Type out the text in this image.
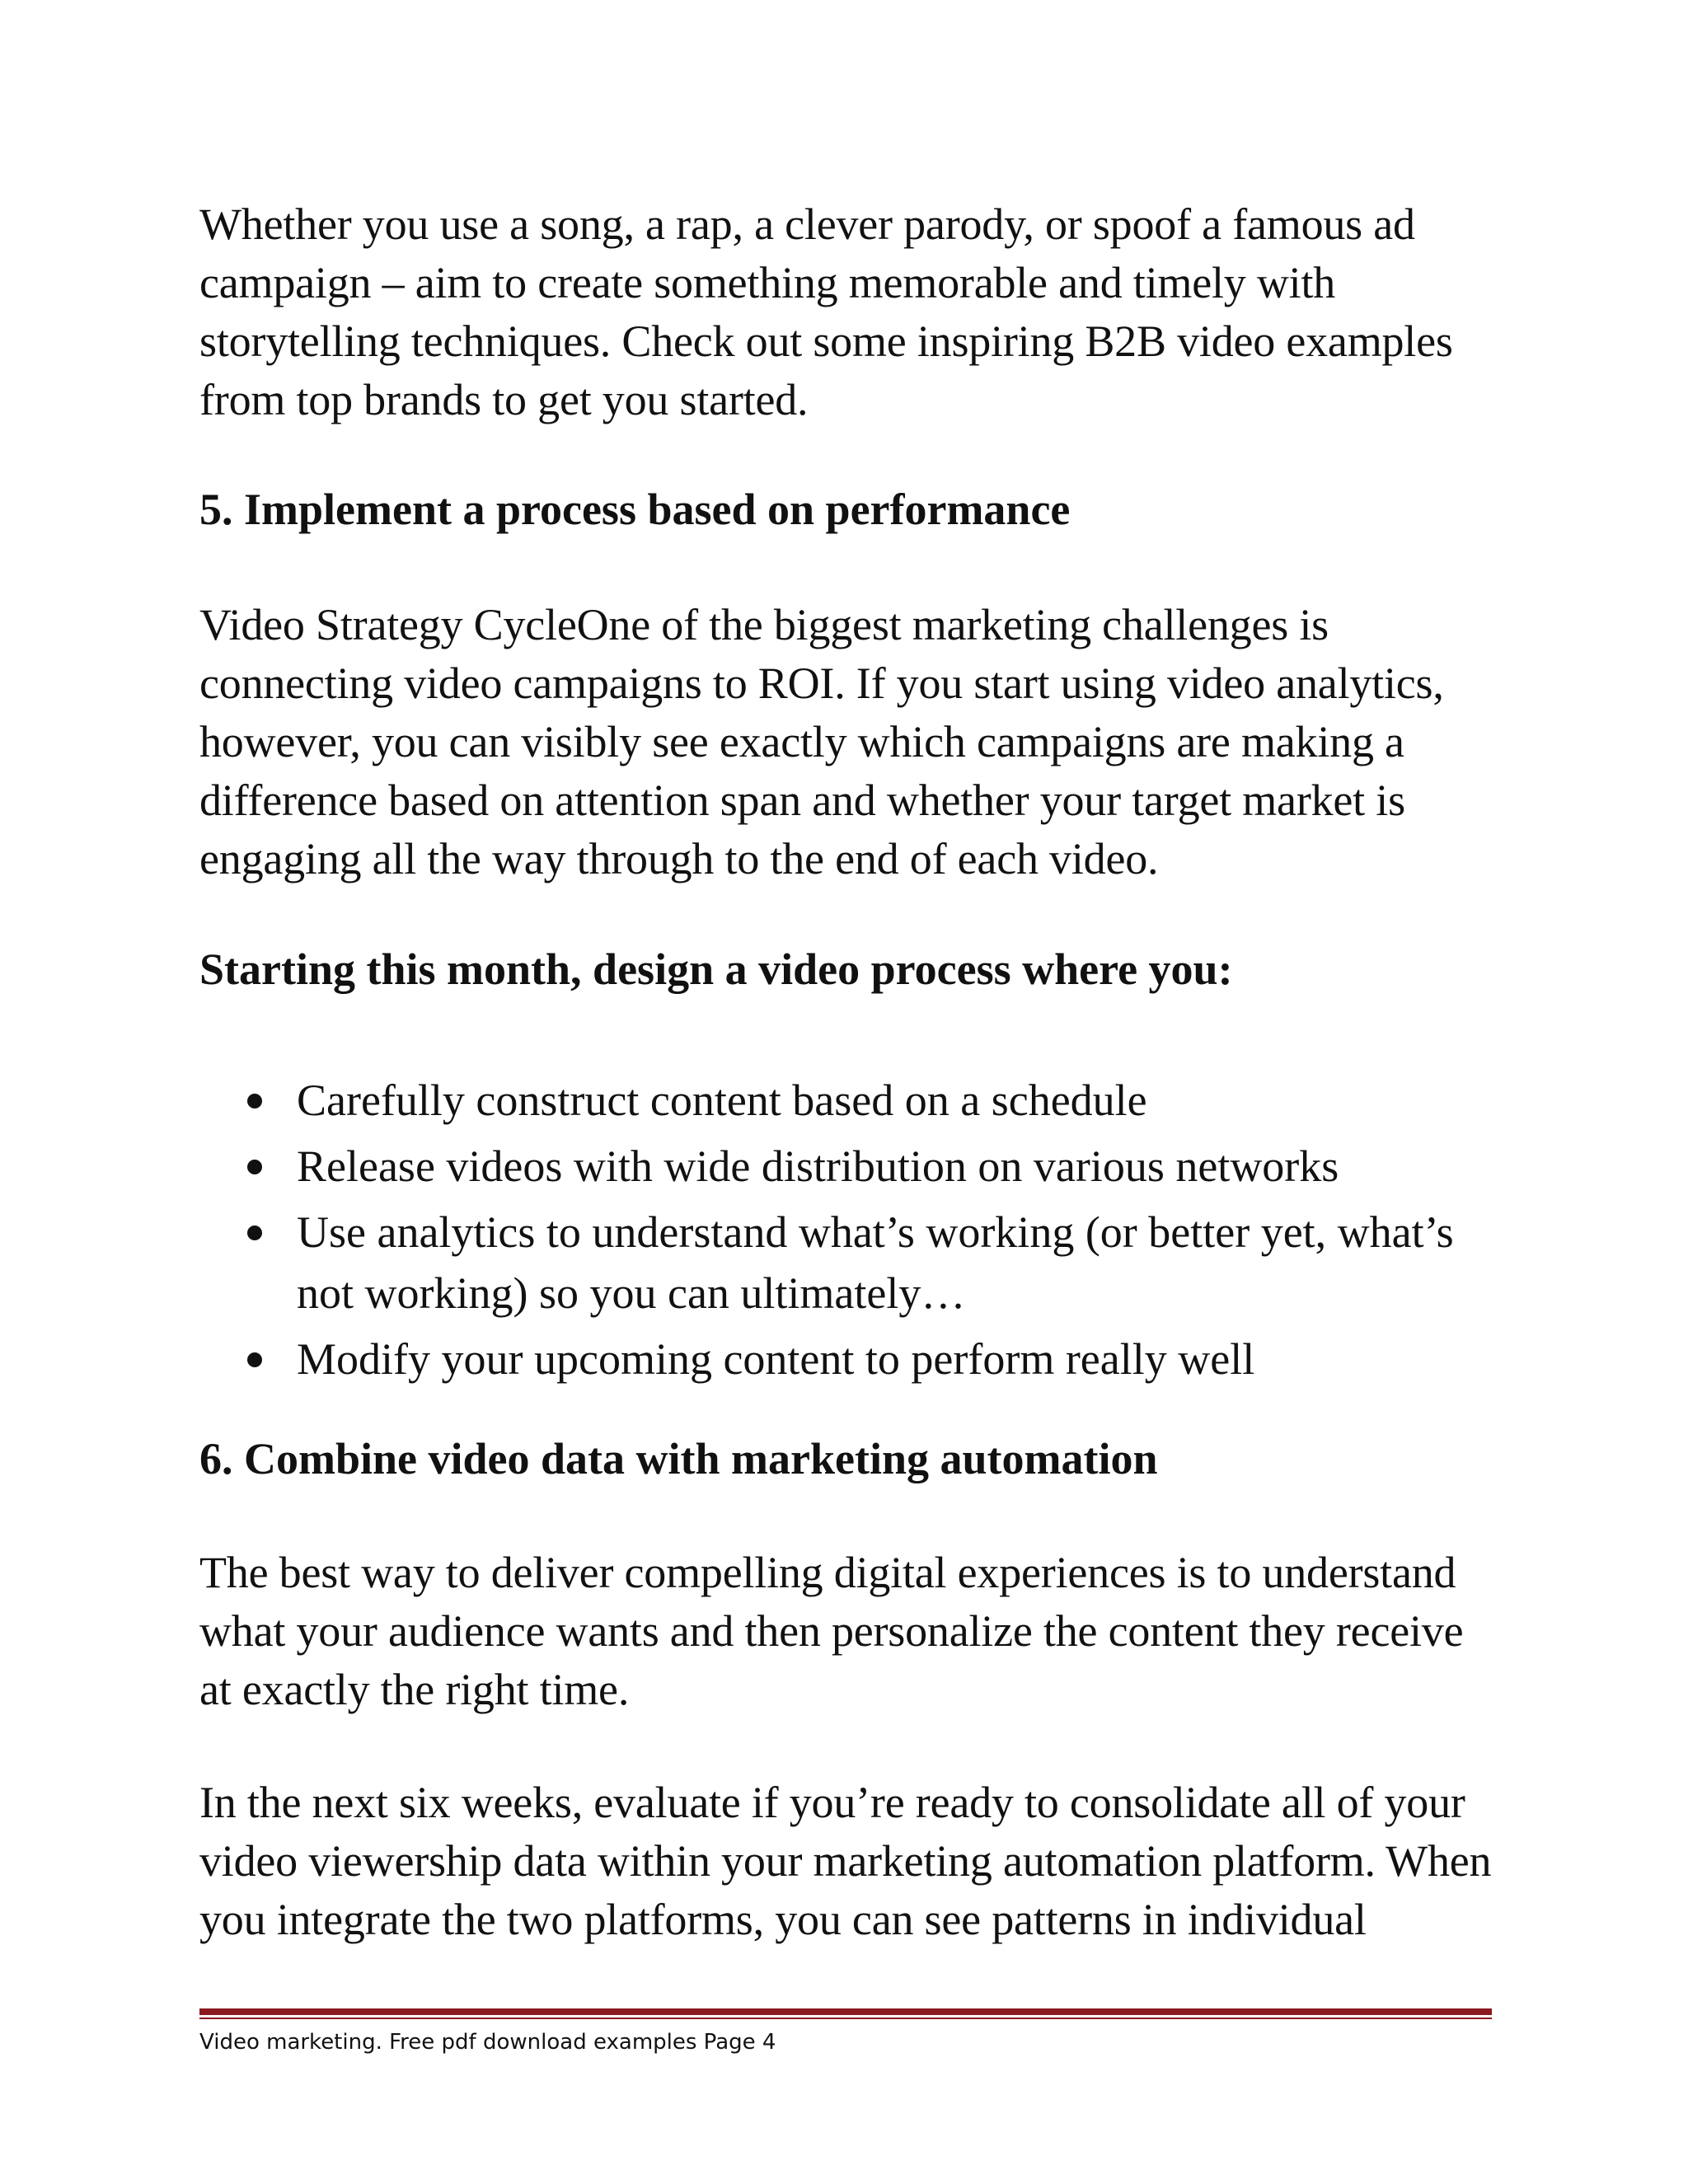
Whether you use a song, a rap, a clever parody, or spoof a famous ad campaign – aim to create something memorable and timely with storytelling techniques. Check out some inspiring B2B video examples from top brands to get you started.

5. Implement a process based on performance

Video Strategy CycleOne of the biggest marketing challenges is connecting video campaigns to ROI. If you start using video analytics, however, you can visibly see exactly which campaigns are making a difference based on attention span and whether your target market is engaging all the way through to the end of each video.

Starting this month, design a video process where you:
Carefully construct content based on a schedule
Release videos with wide distribution on various networks
Use analytics to understand what’s working (or better yet, what’s not working) so you can ultimately…
Modify your upcoming content to perform really well
6. Combine video data with marketing automation

The best way to deliver compelling digital experiences is to understand what your audience wants and then personalize the content they receive at exactly the right time.

In the next six weeks, evaluate if you’re ready to consolidate all of your video viewership data within your marketing automation platform. When you integrate the two platforms, you can see patterns in individual

Video marketing. Free pdf download examples Page 4
